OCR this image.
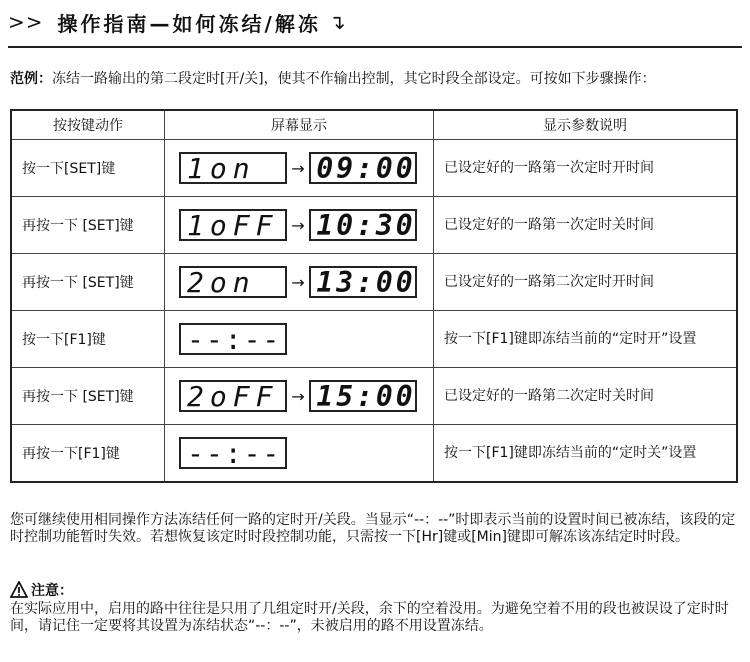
>> 操作指南—如何冻结/解冻 ↴
范例：冻结一路输出的第二段定时[开/关]，使其不作输出控制，其它时段全部设定。可按如下步骤操作：
按按键动作	屏幕显示	显示参数说明
按一下[SET]键	1on → 09:00	已设定好的一路第一次定时开时间
再按一下 [SET]键	1oFF → 10:30	已设定好的一路第一次定时关时间
再按一下 [SET]键	2on → 13:00	已设定好的一路第二次定时开时间
按一下[F1]键	--:--	按一下[F1]键即冻结当前的“定时开”设置
再按一下 [SET]键	2oFF → 15:00	已设定好的一路第二次定时关时间
再按一下[F1]键	--:--	按一下[F1]键即冻结当前的“定时关”设置
您可继续使用相同操作方法冻结任何一路的定时开/关段。当显示“--：--”时即表示当前的设置时间已被冻结，该段的定时控制功能暂时失效。若想恢复该定时时段控制功能，只需按一下[Hr]键或[Min]键即可解冻该冻结定时时段。
注意：
在实际应用中，启用的路中往往是只用了几组定时开/关段，余下的空着没用。为避免空着不用的段也被误设了定时时间，请记住一定要将其设置为冻结状态“--：--”，未被启用的路不用设置冻结。
